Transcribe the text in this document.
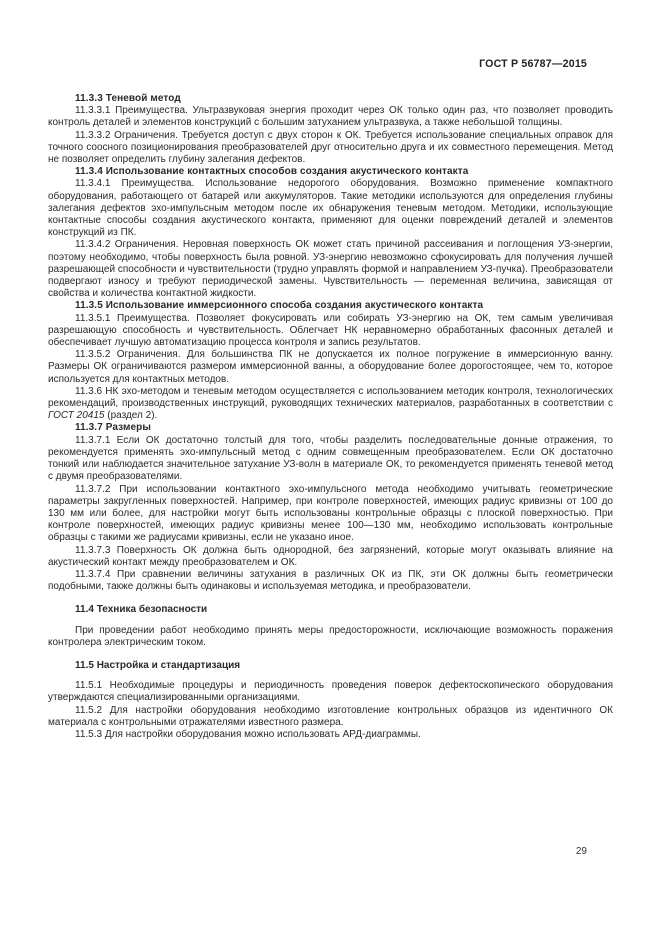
ГОСТ Р 56787—2015

11.3.3 Теневой метод

11.3.3.1 Преимущества. Ультразвуковая энергия проходит через ОК только один раз, что позволяет проводить контроль деталей и элементов конструкций с большим затуханием ультразвука, а также небольшой толщины.

11.3.3.2 Ограничения. Требуется доступ с двух сторон к ОК. Требуется использование специальных оправок для точного соосного позиционирования преобразователей друг относительно друга и их совместного перемещения. Метод не позволяет определить глубину залегания дефектов.

11.3.4 Использование контактных способов создания акустического контакта

11.3.4.1 Преимущества. Использование недорогого оборудования. Возможно применение компактного оборудования, работающего от батарей или аккумуляторов. Такие методики используются для определения глубины залегания дефектов эхо-импульсным методом после их обнаружения теневым методом. Методики, использующие контактные способы создания акустического контакта, применяют для оценки повреждений деталей и элементов конструкций из ПК.

11.3.4.2 Ограничения. Неровная поверхность ОК может стать причиной рассеивания и поглощения УЗ-энергии, поэтому необходимо, чтобы поверхность была ровной. УЗ-энергию невозможно сфокусировать для получения лучшей разрешающей способности и чувствительности (трудно управлять формой и направлением УЗ-пучка). Преобразователи подвергают износу и требуют периодической замены. Чувствительность — переменная величина, зависящая от свойства и количества контактной жидкости.

11.3.5 Использование иммерсионного способа создания акустического контакта

11.3.5.1 Преимущества. Позволяет фокусировать или собирать УЗ-энергию на ОК, тем самым увеличивая разрешающую способность и чувствительность. Облегчает НК неравномерно обработанных фасонных деталей и обеспечивает лучшую автоматизацию процесса контроля и запись результатов.

11.3.5.2 Ограничения. Для большинства ПК не допускается их полное погружение в иммерсионную ванну. Размеры ОК ограничиваются размером иммерсионной ванны, а оборудование более дорогостоящее, чем то, которое используется для контактных методов.

11.3.6 НК эхо-методом и теневым методом осуществляется с использованием методик контроля, технологических рекомендаций, производственных инструкций, руководящих технических материалов, разработанных в соответствии с ГОСТ 20415 (раздел 2).

11.3.7 Размеры

11.3.7.1 Если ОК достаточно толстый для того, чтобы разделить последовательные донные отражения, то рекомендуется применять эхо-импульсный метод с одним совмещенным преобразователем. Если ОК достаточно тонкий или наблюдается значительное затухание УЗ-волн в материале ОК, то рекомендуется применять теневой метод с двумя преобразователями.

11.3.7.2 При использовании контактного эхо-импульсного метода необходимо учитывать геометрические параметры закругленных поверхностей. Например, при контроле поверхностей, имеющих радиус кривизны от 100 до 130 мм или более, для настройки могут быть использованы контрольные образцы с плоской поверхностью. При контроле поверхностей, имеющих радиус кривизны менее 100—130 мм, необходимо использовать контрольные образцы с такими же радиусами кривизны, если не указано иное.

11.3.7.3 Поверхность ОК должна быть однородной, без загрязнений, которые могут оказывать влияние на акустический контакт между преобразователем и ОК.

11.3.7.4 При сравнении величины затухания в различных ОК из ПК, эти ОК должны быть геометрически подобными, также должны быть одинаковы и используемая методика, и преобразователи.

11.4 Техника безопасности

При проведении работ необходимо принять меры предосторожности, исключающие возможность поражения контролера электрическим током.

11.5 Настройка и стандартизация

11.5.1 Необходимые процедуры и периодичность проведения поверок дефектоскопического оборудования утверждаются специализированными организациями.

11.5.2 Для настройки оборудования необходимо изготовление контрольных образцов из идентичного ОК материала с контрольными отражателями известного размера.

11.5.3 Для настройки оборудования можно использовать АРД-диаграммы.

29
